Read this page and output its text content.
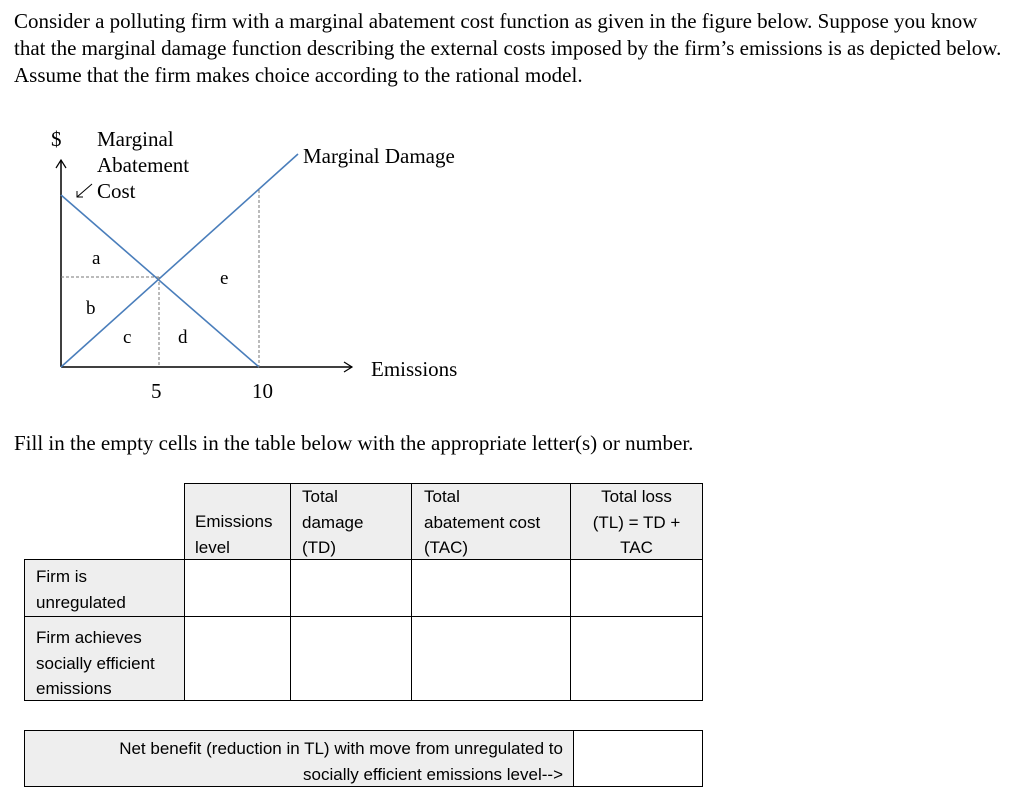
Consider a polluting firm with a marginal abatement cost function as given in the figure below. Suppose you know that the marginal damage function describing the external costs imposed by the firm’s emissions is as depicted below. Assume that the firm makes choice according to the rational model.

$ Marginal
Abatement
Cost
Marginal Damage
Emissions
a
b
c d
e
5	10

Fill in the empty cells in the table below with the appropriate letter(s) or number.

Emissions
level
Total
damage
(TD)
Total
abatement cost
(TAC)
Total loss
(TL) = TD +
TAC
Firm is
unregulated
Firm achieves
socially efficient
emissions
Net benefit (reduction in TL) with move from unregulated to
socially efficient emissions level-->
